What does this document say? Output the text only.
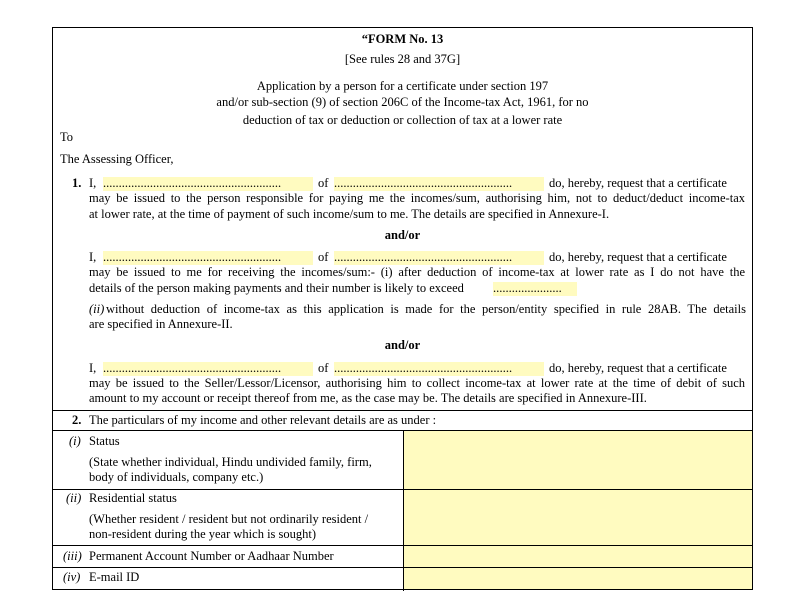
“FORM No. 13
[See rules 28 and 37G]
Application by a person for a certificate under section 197
and/or sub-section (9) of section 206C of the Income-tax Act, 1961, for no
deduction of tax or deduction or collection of tax at a lower rate
To
The Assessing Officer,
1. I, .........................................................	of .........................................................	do, hereby, request that a certificate
may be issued to the person responsible for paying me the incomes/sum, authorising him, not to deduct/deduct income-tax
at lower rate, at the time of payment of such income/sum to me. The details are specified in Annexure-I.
and/or
I, .........................................................	of .........................................................	do, hereby, request that a certificate
may be issued to me for receiving the incomes/sum:- (i) after deduction of income-tax at lower rate as I do not have the
details of the person making payments and their number is likely to exceed ......................
(ii) without deduction of income-tax as this application is made for the person/entity specified in rule 28AB. The details
are specified in Annexure-II.
and/or
I, .........................................................	of .........................................................	do, hereby, request that a certificate
may be issued to the Seller/Lessor/Licensor, authorising him to collect income-tax at lower rate at the time of debit of such
amount to my account or receipt thereof from me, as the case may be. The details are specified in Annexure-III.
2. The particulars of my income and other relevant details are as under :
(i) Status
(State whether individual, Hindu undivided family, firm,
body of individuals, company etc.)
(ii) Residential status
(Whether resident / resident but not ordinarily resident /
non-resident during the year which is sought)
(iii) Permanent Account Number or Aadhaar Number
(iv) E-mail ID
